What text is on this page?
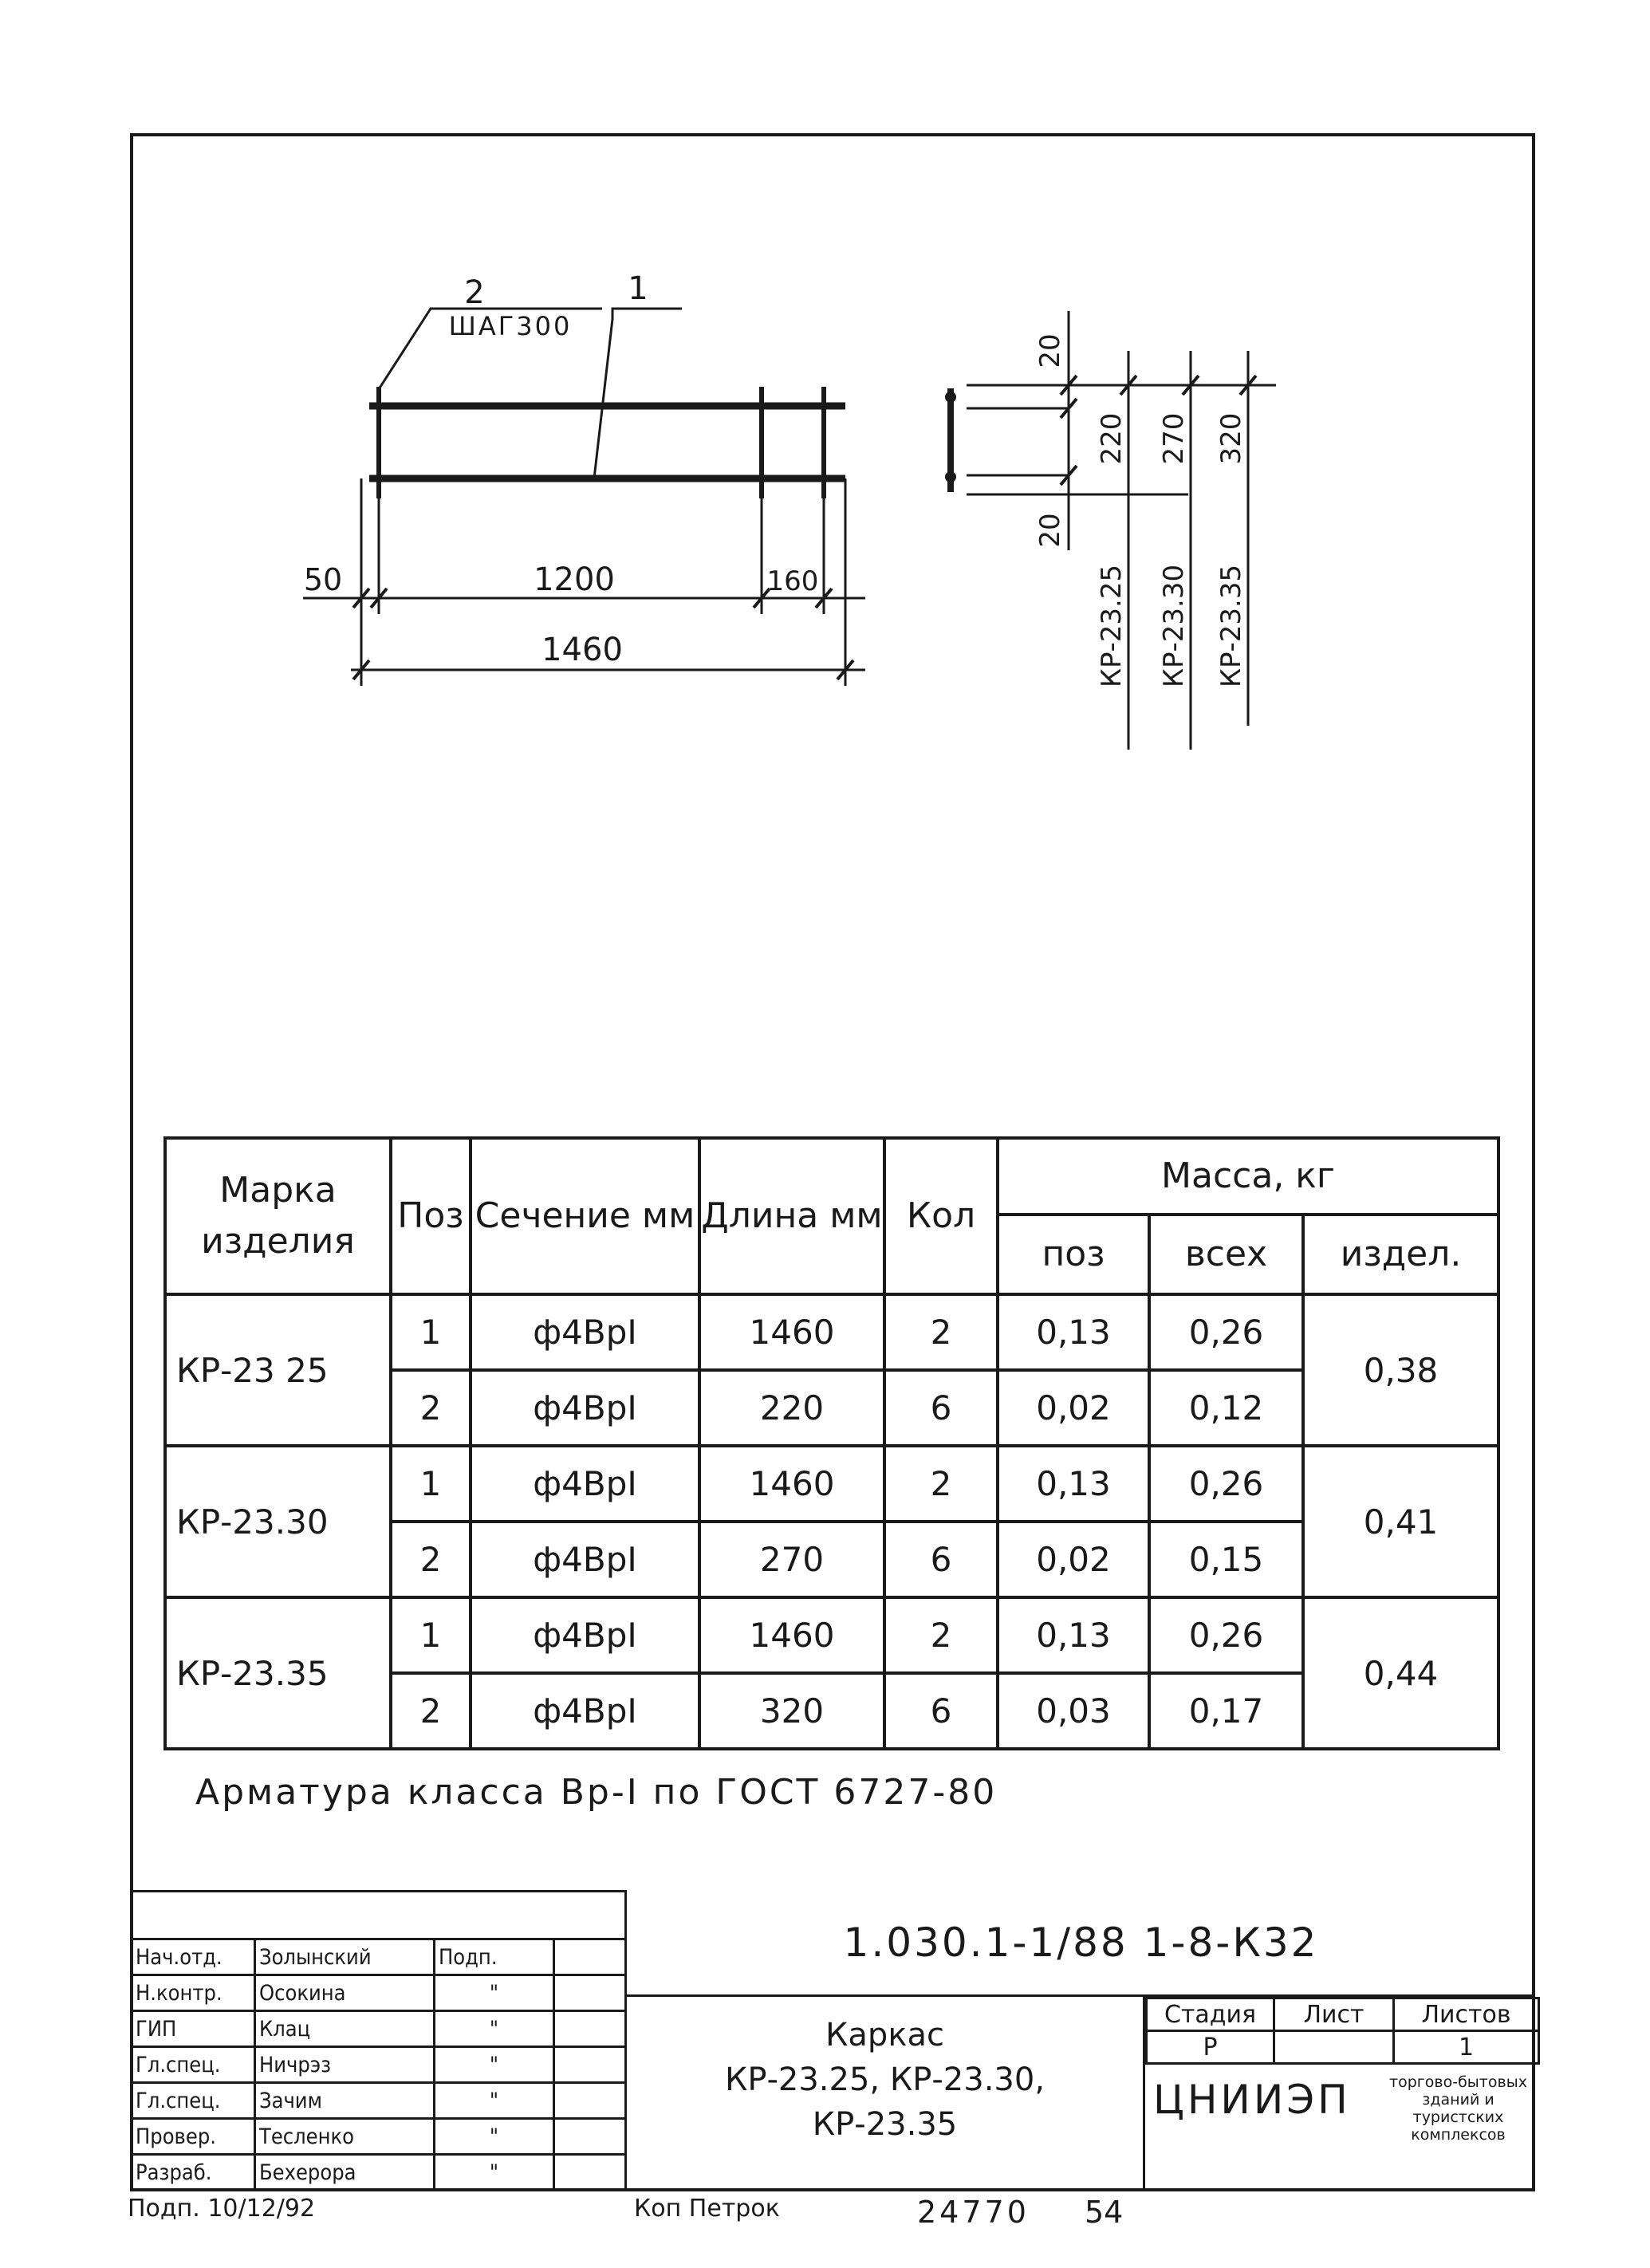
2
ШАГ300
1
50	1200	160
1460
20
20
220 270 320
КР-23.25 КР-23.30 КР-23.35
Марка изделия	Поз	Сечение мм	Длина мм	Кол	Масса, кг		
					поз	всех	издел.
КР-23 25	1	ф4ВрI	1460	2	0,13	0,26	0,38
	2	ф4ВрI	220	6	0,02	0,12	
КР-23.30	1	ф4ВрI	1460	2	0,13	0,26	0,41
	2	ф4ВрI	270	6	0,02	0,15	
КР-23.35	1	ф4ВрI	1460	2	0,13	0,26	0,44
	2	ф4ВрI	320	6	0,03	0,17	
Арматура класса Вр-I по ГОСТ 6727-80
Нач.отд.	Золынский	Подп.	
Н.контр.	Осокина	"	
ГИП	Клац	"	
Гл.спец.	Ничрэз	"	
Гл.спец.	Зачим	"	
Провер.	Тесленко	"	
Разраб.	Бехерора	"	
1.030.1-1/88 1-8-К32
Каркас
КР-23.25, КР-23.30,
КР-23.35
Стадия	Лист	Листов
Р		1
ЦНИИЭП	торгово-бытовых зданий и туристских комплексов
Подп. 10/12/92	Коп Петрок	24770 54
